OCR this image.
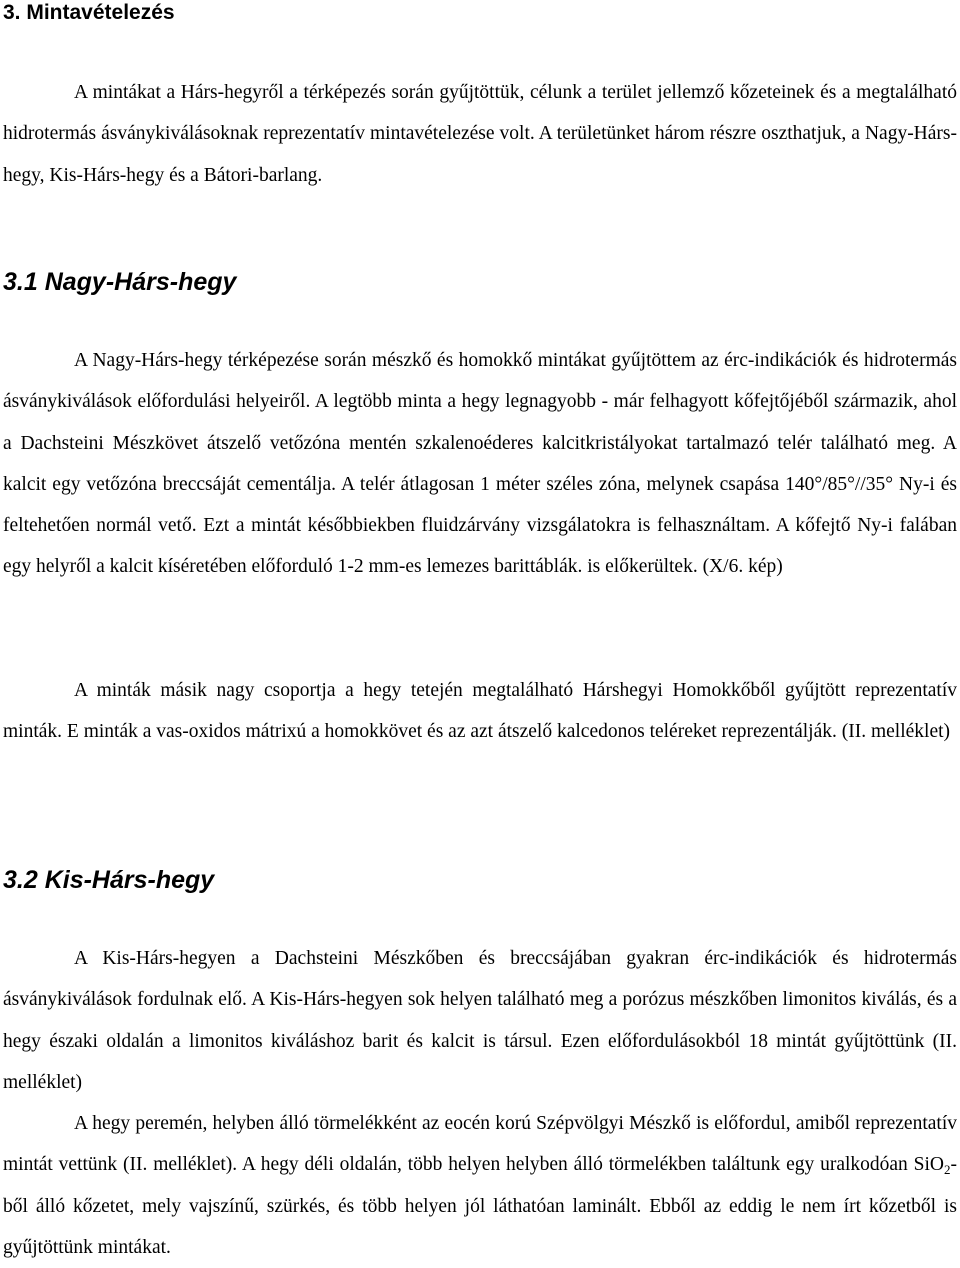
3. Mintavételezés

A mintákat a Hárs-hegyről a térképezés során gyűjtöttük, célunk a terület jellemző kőzeteinek és a megtalálható hidrotermás ásványkiválásoknak reprezentatív mintavételezése volt. A területünket három részre oszthatjuk, a Nagy-Hárs-hegy, Kis-Hárs-hegy és a Bátori-barlang.

3.1 Nagy-Hárs-hegy

A Nagy-Hárs-hegy térképezése során mészkő és homokkő mintákat gyűjtöttem az érc-indikációk és hidrotermás ásványkiválások előfordulási helyeiről. A legtöbb minta a hegy legnagyobb - már felhagyott kőfejtőjéből származik, ahol a Dachsteini Mészkövet átszelő vetőzóna mentén szkalenoéderes kalcitkristályokat tartalmazó telér található meg. A kalcit egy vetőzóna breccsáját cementálja. A telér átlagosan 1 méter széles zóna, melynek csapása 140°/85°//35° Ny-i és feltehetően normál vető. Ezt a mintát későbbiekben fluidzárvány vizsgálatokra is felhasználtam. A kőfejtő Ny-i falában egy helyről a kalcit kíséretében előforduló 1-2 mm-es lemezes barittáblák. is előkerültek. (X/6. kép)

A minták másik nagy csoportja a hegy tetején megtalálható Hárshegyi Homokkőből gyűjtött reprezentatív minták. E minták a vas-oxidos mátrixú a homokkövet és az azt átszelő kalcedonos teléreket reprezentálják. (II. melléklet)

3.2 Kis-Hárs-hegy

A Kis-Hárs-hegyen a Dachsteini Mészkőben és breccsájában gyakran érc-indikációk és hidrotermás ásványkiválások fordulnak elő. A Kis-Hárs-hegyen sok helyen található meg a porózus mészkőben limonitos kiválás, és a hegy északi oldalán a limonitos kiváláshoz barit és kalcit is társul. Ezen előfordulásokból 18 mintát gyűjtöttünk (II. melléklet)

A hegy peremén, helyben álló törmelékként az eocén korú Szépvölgyi Mészkő is előfordul, amiből reprezentatív mintát vettünk (II. melléklet). A hegy déli oldalán, több helyen helyben álló törmelékben találtunk egy uralkodóan SiO$_2$-ből álló kőzetet, mely vajszínű, szürkés, és több helyen jól láthatóan laminált. Ebből az eddig le nem írt kőzetből is gyűjtöttünk mintákat.
